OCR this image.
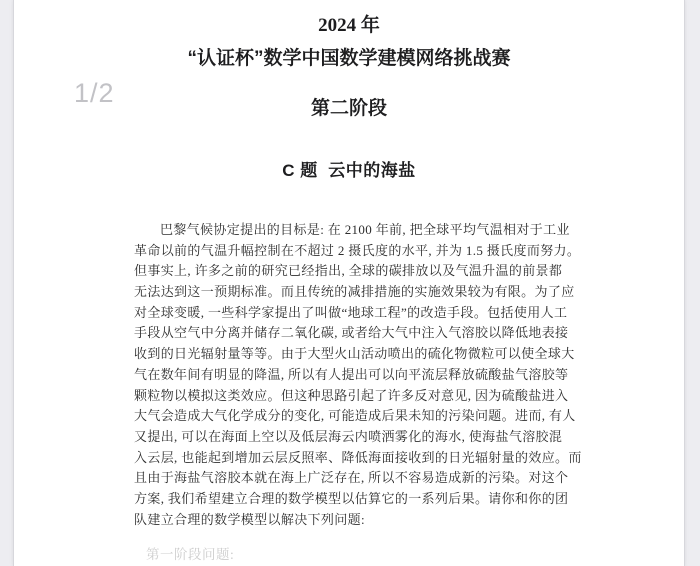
2024 年
“认证杯”数学中国数学建模网络挑战赛
第二阶段
C 题  云中的海盐
巴黎气候协定提出的目标是: 在 2100 年前, 把全球平均气温相对于工业
革命以前的气温升幅控制在不超过 2 摄氏度的水平, 并为 1.5 摄氏度而努力。
但事实上, 许多之前的研究已经指出, 全球的碳排放以及气温升温的前景都
无法达到这一预期标准。而且传统的减排措施的实施效果较为有限。为了应
对全球变暖, 一些科学家提出了叫做“地球工程”的改造手段。包括使用人工
手段从空气中分离并储存二氧化碳, 或者给大气中注入气溶胶以降低地表接
收到的日光辐射量等等。由于大型火山活动喷出的硫化物微粒可以使全球大
气在数年间有明显的降温, 所以有人提出可以向平流层释放硫酸盐气溶胶等
颗粒物以模拟这类效应。但这种思路引起了许多反对意见, 因为硫酸盐进入
大气会造成大气化学成分的变化, 可能造成后果未知的污染问题。进而, 有人
又提出, 可以在海面上空以及低层海云内喷洒雾化的海水, 使海盐气溶胶混
入云层, 也能起到增加云层反照率、降低海面接收到的日光辐射量的效应。而
且由于海盐气溶胶本就在海上广泛存在, 所以不容易造成新的污染。对这个
方案, 我们希望建立合理的数学模型以估算它的一系列后果。请你和你的团
队建立合理的数学模型以解决下列问题:
第一阶段问题:
1/2
